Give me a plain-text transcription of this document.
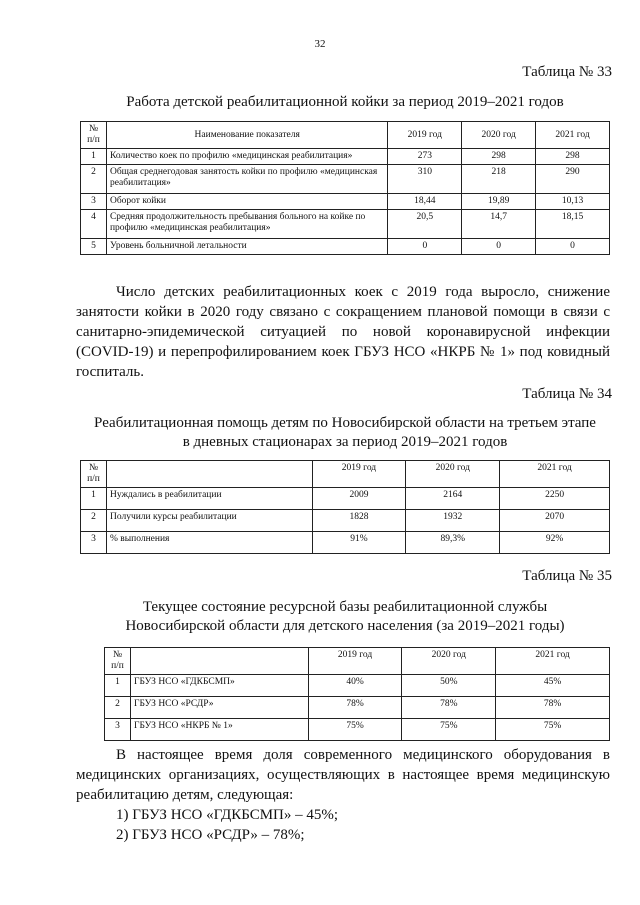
32
Таблица № 33
Работа детской реабилитационной койки за период 2019–2021 годов
№ п/п	Наименование показателя	2019 год	2020 год	2021 год
1	Количество коек по профилю «медицинская реабилитация»	273	298	298
2	Общая среднегодовая занятость койки по профилю «медицинская реабилитация»	310	218	290
3	Оборот койки	18,44	19,89	10,13
4	Средняя продолжительность пребывания больного на койке по профилю «медицинская реабилитация»	20,5	14,7	18,15
5	Уровень больничной летальности	0	0	0

Число детских реабилитационных коек с 2019 года выросло, снижение занятости койки в 2020 году связано с сокращением плановой помощи в связи с санитарно-эпидемической ситуацией по новой коронавирусной инфекции (COVID-19) и перепрофилированием коек ГБУЗ НСО «НКРБ № 1» под ковидный госпиталь.

Таблица № 34
Реабилитационная помощь детям по Новосибирской области на третьем этапе
в дневных стационарах за период 2019–2021 годов
№ п/п		2019 год	2020 год	2021 год
1	Нуждались в реабилитации	2009	2164	2250
2	Получили курсы реабилитации	1828	1932	2070
3	% выполнения	91%	89,3%	92%
Таблица № 35
Текущее состояние ресурсной базы реабилитационной службы
Новосибирской области для детского населения (за 2019–2021 годы)
№ п/п		2019 год	2020 год	2021 год
1	ГБУЗ НСО «ГДКБСМП»	40%	50%	45%
2	ГБУЗ НСО «РСДР»	78%	78%	78%
3	ГБУЗ НСО «НКРБ № 1»	75%	75%	75%

В настоящее время доля современного медицинского оборудования в медицинских организациях, осуществляющих в настоящее время медицинскую реабилитацию детям, следующая:

1) ГБУЗ НСО «ГДКБСМП» – 45%;

2) ГБУЗ НСО «РСДР» – 78%;
